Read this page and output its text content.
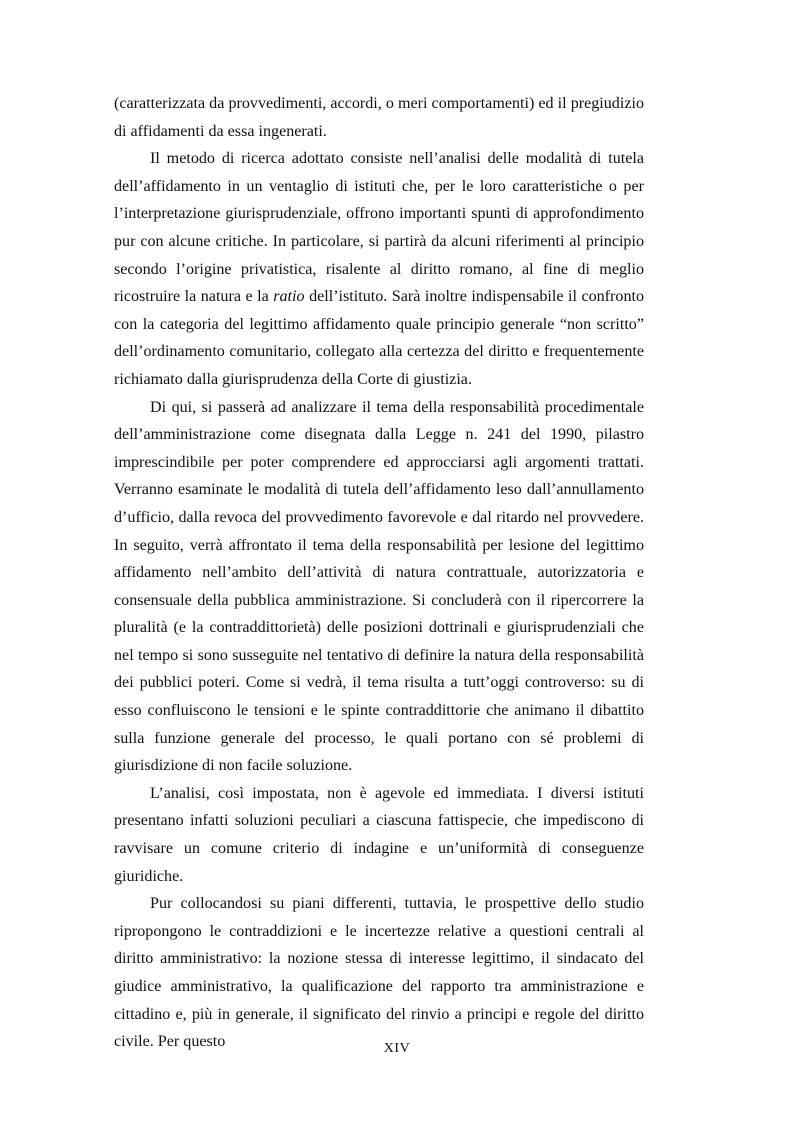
(caratterizzata da provvedimenti, accordi, o meri comportamenti) ed il pregiudizio di affidamenti da essa ingenerati.

Il metodo di ricerca adottato consiste nell’analisi delle modalità di tutela dell’affidamento in un ventaglio di istituti che, per le loro caratteristiche o per l’interpretazione giurisprudenziale, offrono importanti spunti di approfondimento pur con alcune critiche. In particolare, si partirà da alcuni riferimenti al principio secondo l’origine privatistica, risalente al diritto romano, al fine di meglio ricostruire la natura e la ratio dell’istituto. Sarà inoltre indispensabile il confronto con la categoria del legittimo affidamento quale principio generale “non scritto” dell’ordinamento comunitario, collegato alla certezza del diritto e frequentemente richiamato dalla giurisprudenza della Corte di giustizia.

Di qui, si passerà ad analizzare il tema della responsabilità procedimentale dell’amministrazione come disegnata dalla Legge n. 241 del 1990, pilastro imprescindibile per poter comprendere ed approcciarsi agli argomenti trattati. Verranno esaminate le modalità di tutela dell’affidamento leso dall’annullamento d’ufficio, dalla revoca del provvedimento favorevole e dal ritardo nel provvedere. In seguito, verrà affrontato il tema della responsabilità per lesione del legittimo affidamento nell’ambito dell’attività di natura contrattuale, autorizzatoria e consensuale della pubblica amministrazione. Si concluderà con il ripercorrere la pluralità (e la contraddittorietà) delle posizioni dottrinali e giurisprudenziali che nel tempo si sono susseguite nel tentativo di definire la natura della responsabilità dei pubblici poteri. Come si vedrà, il tema risulta a tutt’oggi controverso: su di esso confluiscono le tensioni e le spinte contraddittorie che animano il dibattito sulla funzione generale del processo, le quali portano con sé problemi di giurisdizione di non facile soluzione.

L’analisi, così impostata, non è agevole ed immediata. I diversi istituti presentano infatti soluzioni peculiari a ciascuna fattispecie, che impediscono di ravvisare un comune criterio di indagine e un’uniformità di conseguenze giuridiche.

Pur collocandosi su piani differenti, tuttavia, le prospettive dello studio ripropongono le contraddizioni e le incertezze relative a questioni centrali al diritto amministrativo: la nozione stessa di interesse legittimo, il sindacato del giudice amministrativo, la qualificazione del rapporto tra amministrazione e cittadino e, più in generale, il significato del rinvio a principi e regole del diritto civile. Per questo	XIV
